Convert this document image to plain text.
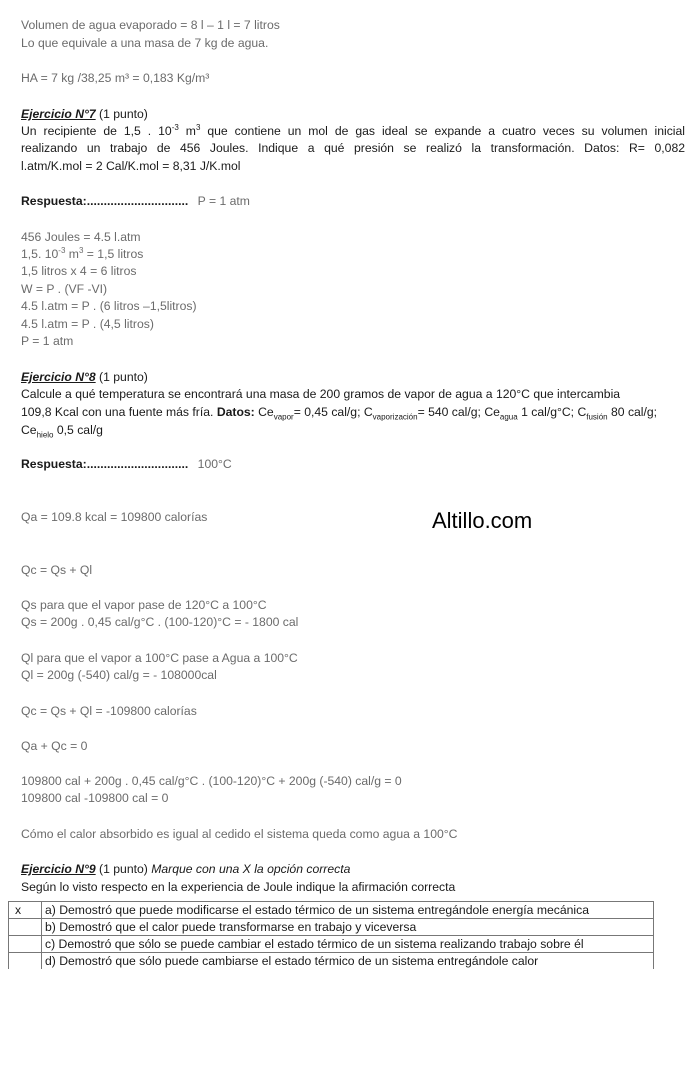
Volumen de agua evaporado = 8 l – 1 l = 7 litros
Lo que equivale a una masa de 7 kg de agua.
HA = 7 kg /38,25 m³ = 0,183 Kg/m³
Ejercicio N°7 (1 punto)
Un recipiente de 1,5 . $10^{-3}$ $m^3$ que contiene un mol de gas ideal se expande a cuatro veces su volumen inicial
realizando un trabajo de 456 Joules. Indique a qué presión se realizó la transformación. Datos: R= 0,082
l.atm/K.mol = 2 Cal/K.mol = 8,31 J/K.mol
Respuesta:.............................. P = 1 atm
456 Joules = 4.5 l.atm
1,5. $10^{-3}$ $m^3 = 1,5$ litros
1,5 litros x 4 = 6 litros
W = P . (VF -VI)
4.5 l.atm = P . (6 litros –1,5litros)
4.5 l.atm = P . (4,5 litros)
P = 1 atm
Ejercicio N°8 (1 punto)
Calcule a qué temperatura se encontrará una masa de 200 gramos de vapor de agua a 120°C que intercambia
109,8 Kcal con una fuente más fría. Datos: $Ce_{vapor}= 0,45$ cal/g; $C_{vaporización}= 540$ cal/g; $Ce_{agua}$ 1 cal/g°C; $C_{fusión}$ 80 cal/g;
$Ce_{hielo}$ 0,5 cal/g
Respuesta:.............................. 100°C
Qa = 109.8 kcal = 109800 calorías	Altillo.com
Qc = Qs + Ql
Qs para que el vapor pase de 120°C a 100°C
Qs = 200g . 0,45 cal/g°C . (100-120)°C = - 1800 cal
Ql para que el vapor a 100°C pase a Agua a 100°C
Ql = 200g (-540) cal/g = - 108000cal
Qc = Qs + Ql = -109800 calorías
Qa + Qc = 0
109800 cal + 200g . 0,45 cal/g°C . (100-120)°C + 200g (-540) cal/g = 0
109800 cal -109800 cal = 0
Cómo el calor absorbido es igual al cedido el sistema queda como agua a 100°C
Ejercicio N°9 (1 punto) Marque con una X la opción correcta
Según lo visto respecto en la experiencia de Joule indique la afirmación correcta
x	a) Demostró que puede modificarse el estado térmico de un sistema entregándole energía mecánica
	b) Demostró que el calor puede transformarse en trabajo y viceversa
	c) Demostró que sólo se puede cambiar el estado térmico de un sistema realizando trabajo sobre él
	d) Demostró que sólo puede cambiarse el estado térmico de un sistema entregándole calor
